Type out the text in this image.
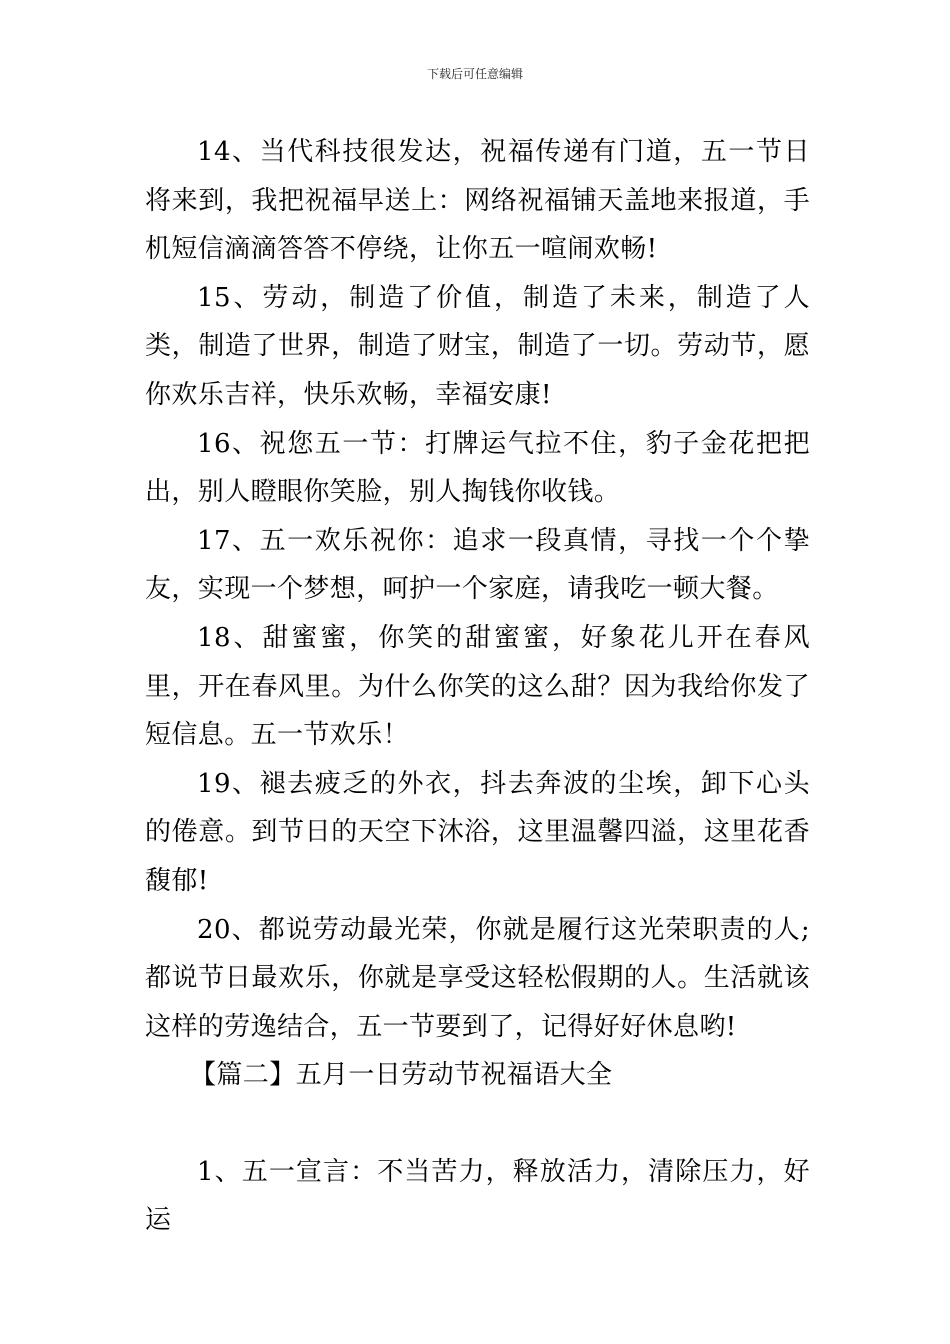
下载后可任意编辑

14、当代科技很发达，祝福传递有门道，五一节日将来到，我把祝福早送上：网络祝福铺天盖地来报道，手机短信滴滴答答不停绕，让你五一喧闹欢畅!

15、劳动，制造了价值，制造了未来，制造了人类，制造了世界，制造了财宝，制造了一切。劳动节，愿你欢乐吉祥，快乐欢畅，幸福安康!

16、祝您五一节：打牌运气拉不住，豹子金花把把出，别人瞪眼你笑脸，别人掏钱你收钱。

17、五一欢乐祝你：追求一段真情，寻找一个个挚友，实现一个梦想，呵护一个家庭，请我吃一顿大餐。

18、甜蜜蜜，你笑的甜蜜蜜，好象花儿开在春风里，开在春风里。为什么你笑的这么甜？因为我给你发了短信息。五一节欢乐！

19、褪去疲乏的外衣，抖去奔波的尘埃，卸下心头的倦意。到节日的天空下沐浴，这里温馨四溢，这里花香馥郁!

20、都说劳动最光荣，你就是履行这光荣职责的人;都说节日最欢乐，你就是享受这轻松假期的人。生活就该这样的劳逸结合，五一节要到了，记得好好休息哟!

【篇二】五月一日劳动节祝福语大全

1、五一宣言：不当苦力，释放活力，清除压力，好运
